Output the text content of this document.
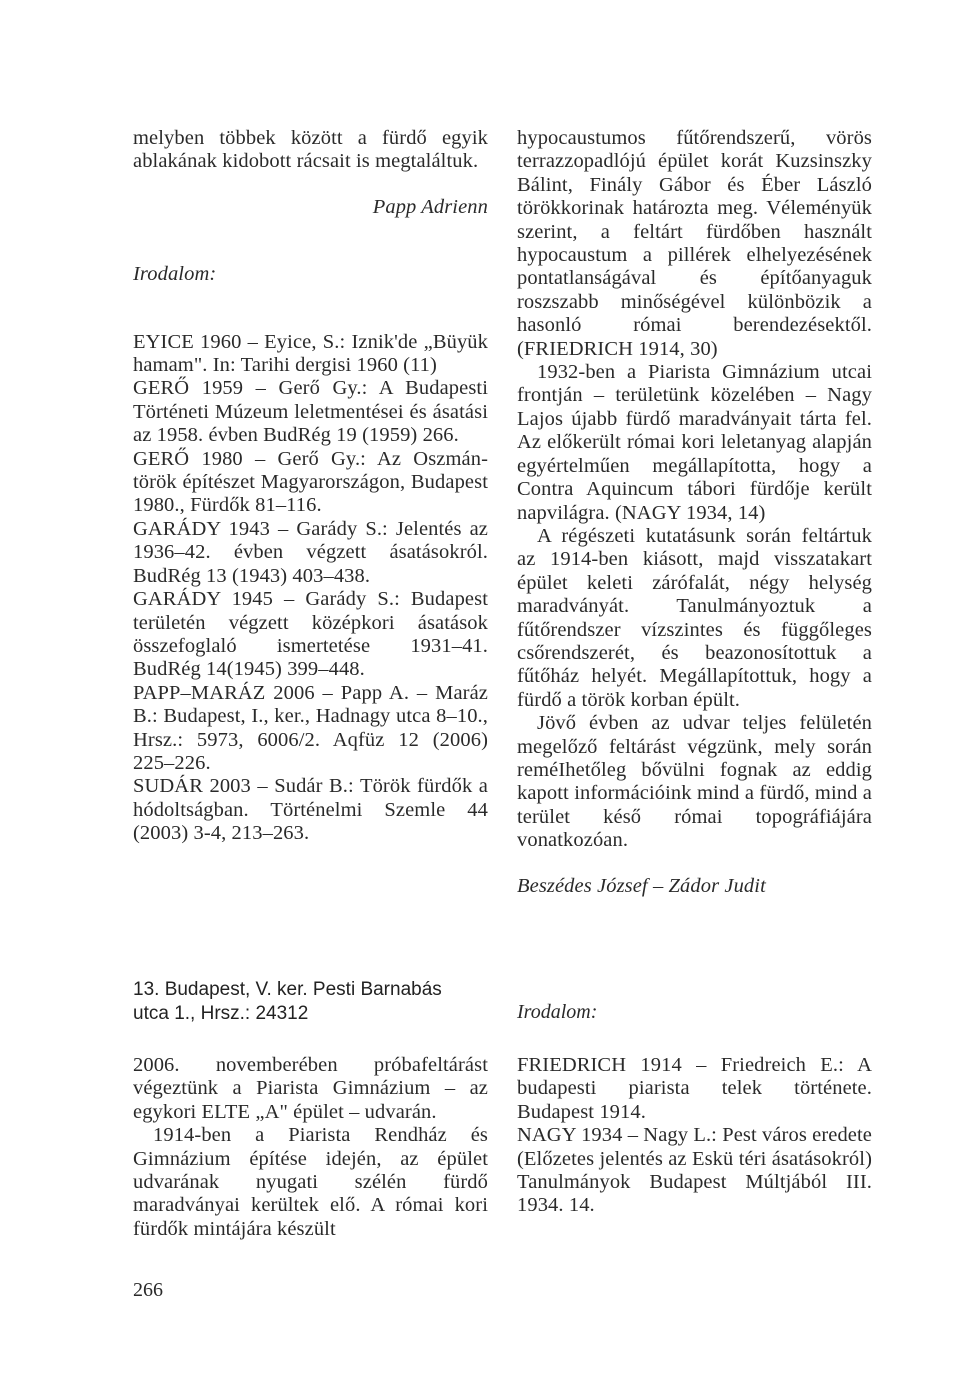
melyben többek között a fürdő egyik ablakának kidobott rácsait is megtaláltuk.

Papp Adrienn

Irodalom:

EYICE 1960 – Eyice, S.: Iznik'de „Büyük hamam". In: Tarihi dergisi 1960 (11)

GERŐ 1959 – Gerő Gy.: A Budapesti Történeti Múzeum leletmentései és ásatási az 1958. évben BudRég 19 (1959) 266.

GERŐ 1980 – Gerő Gy.: Az Oszmán-török építészet Magyarországon, Budapest 1980., Fürdők 81–116.

GARÁDY 1943 – Garády S.: Jelentés az 1936–42. évben végzett ásatásokról. BudRég 13 (1943) 403–438.

GARÁDY 1945 – Garády S.: Budapest területén végzett középkori ásatások összefoglaló ismertetése 1931–41. BudRég 14(1945) 399–448.

PAPP–MARÁZ 2006 – Papp A. – Maráz B.: Budapest, I., ker., Hadnagy utca 8–10., Hrsz.: 5973, 6006/2. Aqfüz 12 (2006) 225–226.

SUDÁR 2003 – Sudár B.: Török fürdők a hódoltságban. Történelmi Szemle 44 (2003) 3-4, 213–263.

hypocaustumos fűtőrendszerű, vörös terrazzopadlójú épület korát Kuzsinszky Bálint, Finály Gábor és Éber László törökkorinak határozta meg. Véleményük szerint, a feltárt fürdőben használt hypocaustum a pillérek elhelyezésének pontatlanságával és építőanyaguk roszszabb minőségével különbözik a hasonló római berendezésektől. (FRIEDRICH 1914, 30)

1932-ben a Piarista Gimnázium utcai frontján – területünk közelében – Nagy Lajos újabb fürdő maradványait tárta fel. Az előkerült római kori leletanyag alapján egyértelműen megállapította, hogy a Contra Aquincum tábori fürdője került napvilágra. (NAGY 1934, 14)

A régészeti kutatásunk során feltártuk az 1914-ben kiásott, majd visszatakart épület keleti zárófalát, négy helység maradványát. Tanulmányoztuk a fűtőrendszer vízszintes és függőleges csőrendszerét, és beazonosítottuk a fűtőház helyét. Megállapítottuk, hogy a fürdő a török korban épült.

Jövő évben az udvar teljes felületén megelőző feltárást végzünk, mely során reméIhetőleg bővülni fognak az eddig kapott információink mind a fürdő, mind a terület késő római topográfiájára vonatkozóan.

Beszédes József – Zádor Judit

13. Budapest, V. ker. Pesti Barnabás utca 1., Hrsz.: 24312	Irodalom:

2006. novemberében próbafeltárást végeztünk a Piarista Gimnázium – az egykori ELTE „A" épület – udvarán.

1914-ben a Piarista Rendház és Gimnázium építése idején, az épület udvarának nyugati szélén fürdő maradványai kerültek elő. A római kori fürdők mintájára készült

FRIEDRICH 1914 – Friedreich E.: A budapesti piarista telek története. Budapest 1914.

NAGY 1934 – Nagy L.: Pest város eredete (Előzetes jelentés az Eskü téri ásatásokról) Tanulmányok Budapest Múltjából III. 1934. 14.

266
